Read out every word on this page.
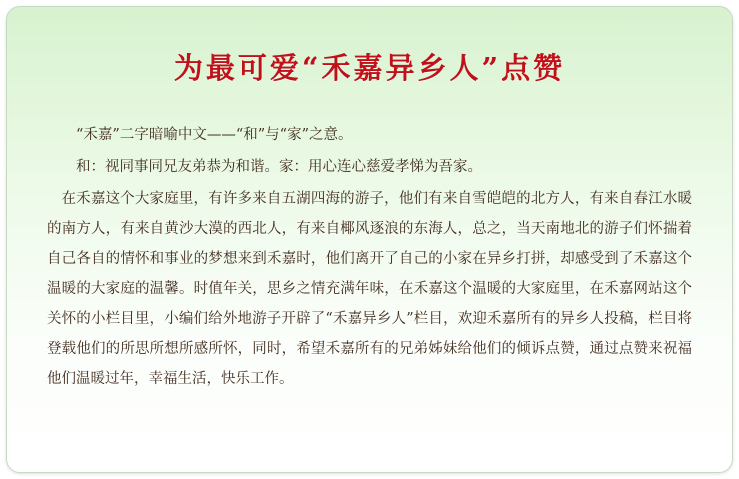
为最可爱“禾嘉异乡人”点赞

“禾嘉”二字暗喻中文——“和”与“家”之意。

和：视同事同兄友弟恭为和谐。家：用心连心慈爱孝悌为吾家。

在禾嘉这个大家庭里，有许多来自五湖四海的游子，他们有来自雪皑皑的北方人，有来自春江水暖的南方人，有来自黄沙大漠的西北人，有来自椰风逐浪的东海人，总之，当天南地北的游子们怀揣着自己各自的情怀和事业的梦想来到禾嘉时，他们离开了自己的小家在异乡打拼，却感受到了禾嘉这个温暖的大家庭的温馨。时值年关，思乡之情充满年味，在禾嘉这个温暖的大家庭里，在禾嘉网站这个关怀的小栏目里，小编们给外地游子开辟了“禾嘉异乡人”栏目，欢迎禾嘉所有的异乡人投稿，栏目将登载他们的所思所想所感所怀，同时，希望禾嘉所有的兄弟姊妹给他们的倾诉点赞，通过点赞来祝福他们温暖过年，幸福生活，快乐工作。
